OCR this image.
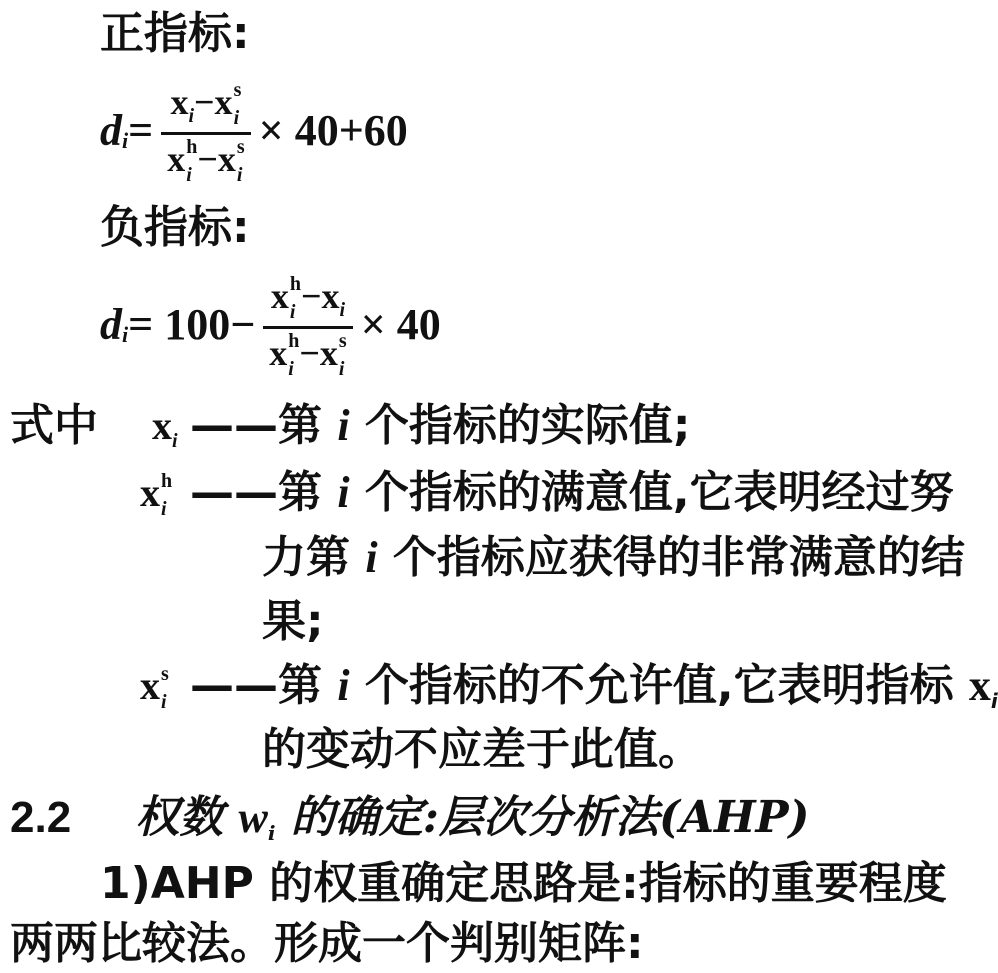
正指标:
d $i = x_i-x$ s
i
x h
i −x s
i × 40+60
负指标:
d i = 100− x h
$i -x_i$
x h
i −x s
i × 40
式中 $x_i$ ——第 i 个指标的实际值;
x h
i ——第 i 个指标的满意值,它表明经过努
力第 i 个指标应获得的非常满意的结
果;
x s
i ——第 i 个指标的不允许值,它表明指标 xi
的变动不应差于此值。
2.2 权数 wi 的确定:层次分析法(AHP)
1)AHP 的权重确定思路是:指标的重要程度
两两比较法。形成一个判别矩阵:
